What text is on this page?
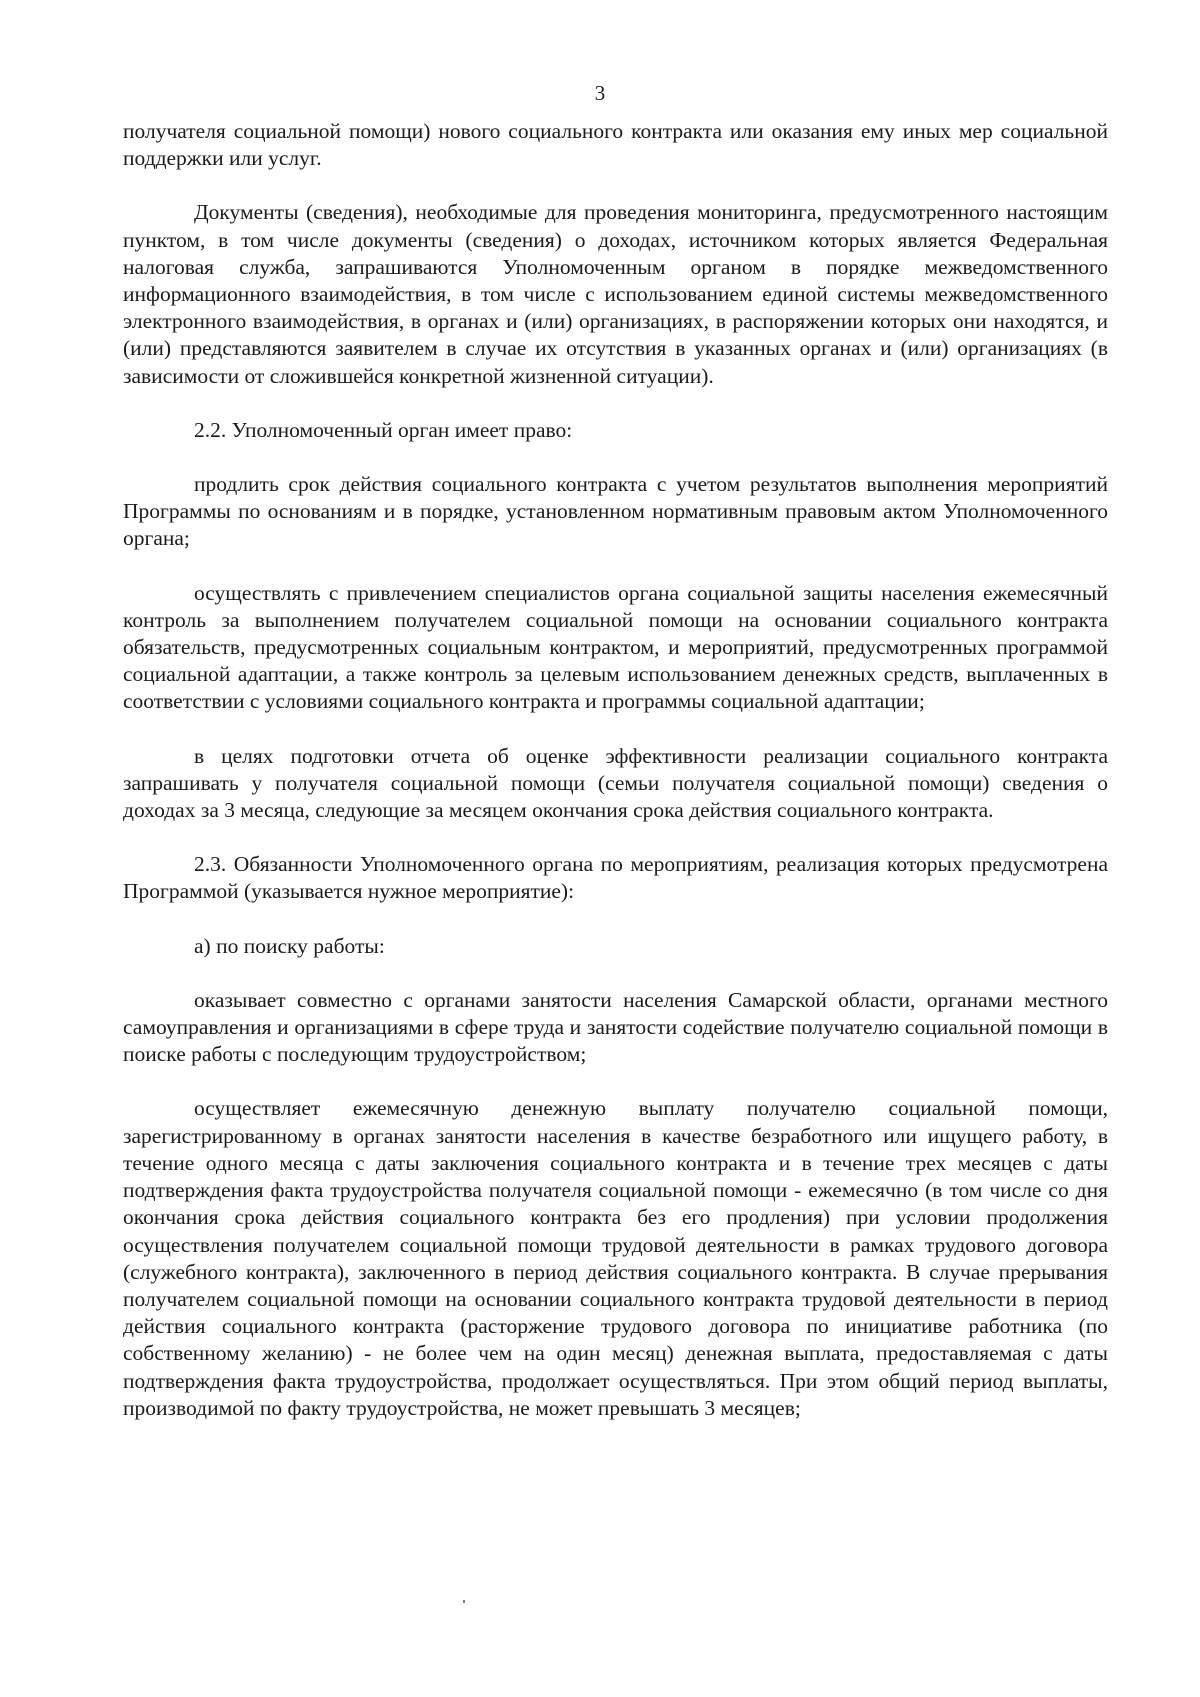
3

получателя социальной помощи) нового социального контракта или оказания ему иных мер социальной поддержки или услуг.

Документы (сведения), необходимые для проведения мониторинга, предусмотренного настоящим пунктом, в том числе документы (сведения) о доходах, источником которых является Федеральная налоговая служба, запрашиваются Уполномоченным органом в порядке межведомственного информационного взаимодействия, в том числе с использованием единой системы межведомственного электронного взаимодействия, в органах и (или) организациях, в распоряжении которых они находятся, и (или) представляются заявителем в случае их отсутствия в указанных органах и (или) организациях (в зависимости от сложившейся конкретной жизненной ситуации).

2.2. Уполномоченный орган имеет право:

продлить срок действия социального контракта с учетом результатов выполнения мероприятий Программы по основаниям и в порядке, установленном нормативным правовым актом Уполномоченного органа;

осуществлять с привлечением специалистов органа социальной защиты населения ежемесячный контроль за выполнением получателем социальной помощи на основании социального контракта обязательств, предусмотренных социальным контрактом, и мероприятий, предусмотренных программой социальной адаптации, а также контроль за целевым использованием денежных средств, выплаченных в соответствии с условиями социального контракта и программы социальной адаптации;

в целях подготовки отчета об оценке эффективности реализации социального контракта запрашивать у получателя социальной помощи (семьи получателя социальной помощи) сведения о доходах за 3 месяца, следующие за месяцем окончания срока действия социального контракта.

2.3. Обязанности Уполномоченного органа по мероприятиям, реализация которых предусмотрена Программой (указывается нужное мероприятие):

а) по поиску работы:

оказывает совместно с органами занятости населения Самарской области, органами местного самоуправления и организациями в сфере труда и занятости содействие получателю социальной помощи в поиске работы с последующим трудоустройством;

осуществляет ежемесячную денежную выплату получателю социальной помощи, зарегистрированному в органах занятости населения в качестве безработного или ищущего работу, в течение одного месяца с даты заключения социального контракта и в течение трех месяцев с даты подтверждения факта трудоустройства получателя социальной помощи - ежемесячно (в том числе со дня окончания срока действия социального контракта без его продления) при условии продолжения осуществления получателем социальной помощи трудовой деятельности в рамках трудового договора (служебного контракта), заключенного в период действия социального контракта. В случае прерывания получателем социальной помощи на основании социального контракта трудовой деятельности в период действия социального контракта (расторжение трудового договора по инициативе работника (по собственному желанию) - не более чем на один месяц) денежная выплата, предоставляемая с даты подтверждения факта трудоустройства, продолжает осуществляться. При этом общий период выплаты, производимой по факту трудоустройства, не может превышать 3 месяцев;
